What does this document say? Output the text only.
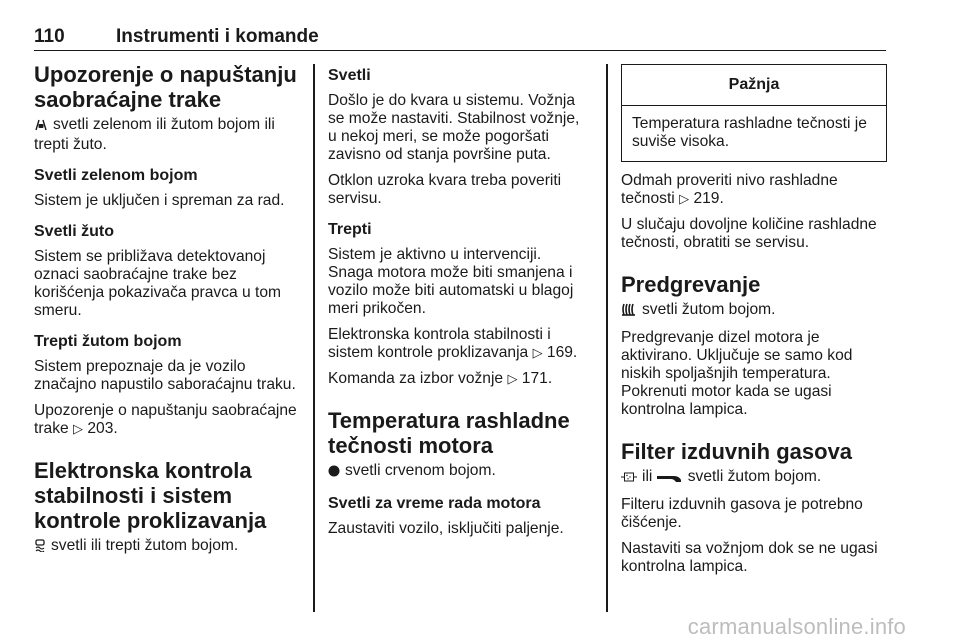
110	Instrumenti i komande
Upozorenje o napuštanju saobraćajne trake

svetli zelenom ili žutom bojom ili trepti žuto.

Svetli zelenom bojom

Sistem je uključen i spreman za rad.

Svetli žuto

Sistem se približava detektovanoj oznaci saobraćajne trake bez korišćenja pokazivača pravca u tom smeru.

Trepti žutom bojom

Sistem prepoznaje da je vozilo značajno napustilo saborаćajnu traku.

Upozorenje o napuštanju saobraćajne trake ▷ 203.

Elektronska kontrola stabilnosti i sistem kontrole proklizavanja

svetli ili trepti žutom bojom.

Svetli

Došlo je do kvara u sistemu. Vožnja se može nastaviti. Stabilnost vožnje, u nekoj meri, se može pogoršati zavisno od stanja površine puta.

Otklon uzroka kvara treba poveriti servisu.

Trepti

Sistem je aktivno u intervenciji. Snaga motora može biti smanjena i vozilo može biti automatski u blagoj meri prikočen.

Elektronska kontrola stabilnosti i sistem kontrole proklizavanja ▷ 169.

Komanda za izbor vožnje ▷ 171.

Temperatura rashladne tečnosti motora

svetli crvenom bojom.

Svetli za vreme rada motora

Zaustaviti vozilo, isključiti paljenje.

Pažnja
Temperatura rashladne tečnosti je suviše visoka.

Odmah proveriti nivo rashladne tečnosti ▷ 219.

U slučaju dovoljne količine rashladne tečnosti, obratiti se servisu.

Predgrevanje

svetli žutom bojom.

Predgrevanje dizel motora je aktivirano. Uključuje se samo kod niskih spoljašnjih temperatura. Pokrenuti motor kada se ugasi kontrolna lampica.

Filter izduvnih gasova

ili svetli žutom bojom.

Filteru izduvnih gasova je potrebno čišćenje.

Nastaviti sa vožnjom dok se ne ugasi kontrolna lampica.

carmanualsonline.info
